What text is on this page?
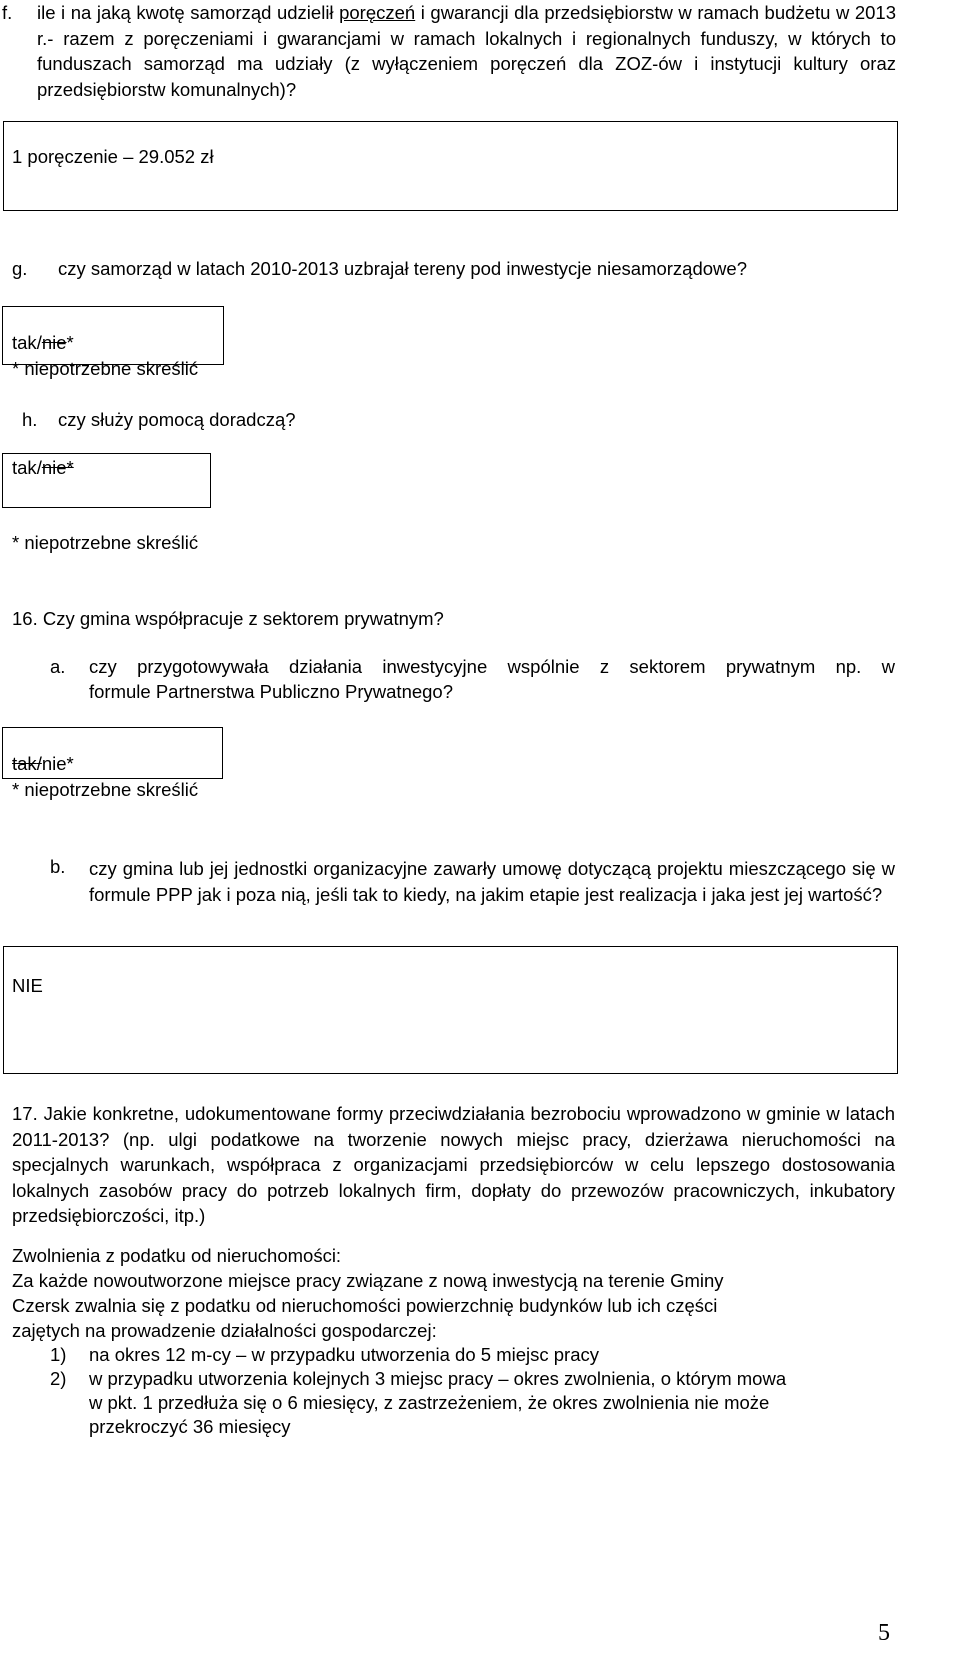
f. ile i na jaką kwotę samorząd udzielił poręczeń i gwarancji dla przedsiębiorstw w ramach budżetu w 2013 r.- razem z poręczeniami i gwarancjami w ramach lokalnych i regionalnych funduszy, w których to funduszach samorząd ma udziały (z wyłączeniem poręczeń dla ZOZ-ów i instytucji kultury oraz przedsiębiorstw komunalnych)?
1 poręczenie – 29.052 zł
g. czy samorząd w latach 2010-2013 uzbrajał tereny pod inwestycje niesamorządowe?
tak/nie*
* niepotrzebne skreślić
h. czy służy pomocą doradczą?
tak/nie*
* niepotrzebne skreślić
16. Czy gmina współpracuje z sektorem prywatnym?
a. czy przygotowywała działania inwestycyjne wspólnie z sektorem prywatnym np. w
formule Partnerstwa Publiczno Prywatnego?
tak/nie*
* niepotrzebne skreślić
b. czy gmina lub jej jednostki organizacyjne zawarły umowę dotyczącą projektu mieszczącego się w formule PPP jak i poza nią, jeśli tak to kiedy, na jakim etapie jest realizacja i jaka jest jej wartość?
NIE
17. Jakie konkretne, udokumentowane formy przeciwdziałania bezrobociu wprowadzono w gminie w latach 2011-2013? (np. ulgi podatkowe na tworzenie nowych miejsc pracy, dzierżawa nieruchomości na specjalnych warunkach, współpraca z organizacjami przedsiębiorców w celu lepszego dostosowania lokalnych zasobów pracy do potrzeb lokalnych firm, dopłaty do przewozów pracowniczych, inkubatory przedsiębiorczości, itp.)
Zwolnienia z podatku od nieruchomości:
Za każde nowoutworzone miejsce pracy związane z nową inwestycją na terenie Gminy
Czersk zwalnia się z podatku od nieruchomości powierzchnię budynków lub ich części
zajętych na prowadzenie działalności gospodarczej:
1) na okres 12 m-cy – w przypadku utworzenia do 5 miejsc pracy
2) w przypadku utworzenia kolejnych 3 miejsc pracy – okres zwolnienia, o którym mowa
w pkt. 1 przedłuża się o 6 miesięcy, z zastrzeżeniem, że okres zwolnienia nie może
przekroczyć 36 miesięcy
5
